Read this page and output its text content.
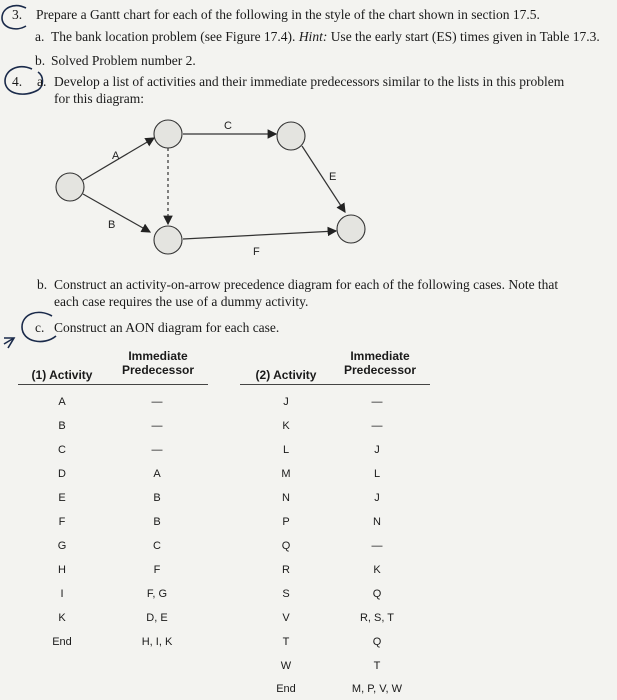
3. Prepare a Gantt chart for each of the following in the style of the chart shown in section 17.5.
a. The bank location problem (see Figure 17.4). Hint: Use the early start (ES) times given in Table 17.3.
b. Solved Problem number 2.
4. a. Develop a list of activities and their immediate predecessors similar to the lists in this problem
for this diagram:
A
B
C
E
F
b. Construct an activity-on-arrow precedence diagram for each of the following cases. Note that
each case requires the use of a dummy activity.
c. Construct an AON diagram for each case.
(1) Activity
Immediate
Predecessor
A	—
B	—
C	—
D	A
E	B
F	B
G	C
H	F
I	F, G
K	D, E
End	H, I, K
(2) Activity
Immediate
Predecessor
J	—
K	—
L	J
M	L
N	J
P	N
Q	—
R	K
S	Q
V	R, S, T
T	Q
W	T
End	M, P, V, W
